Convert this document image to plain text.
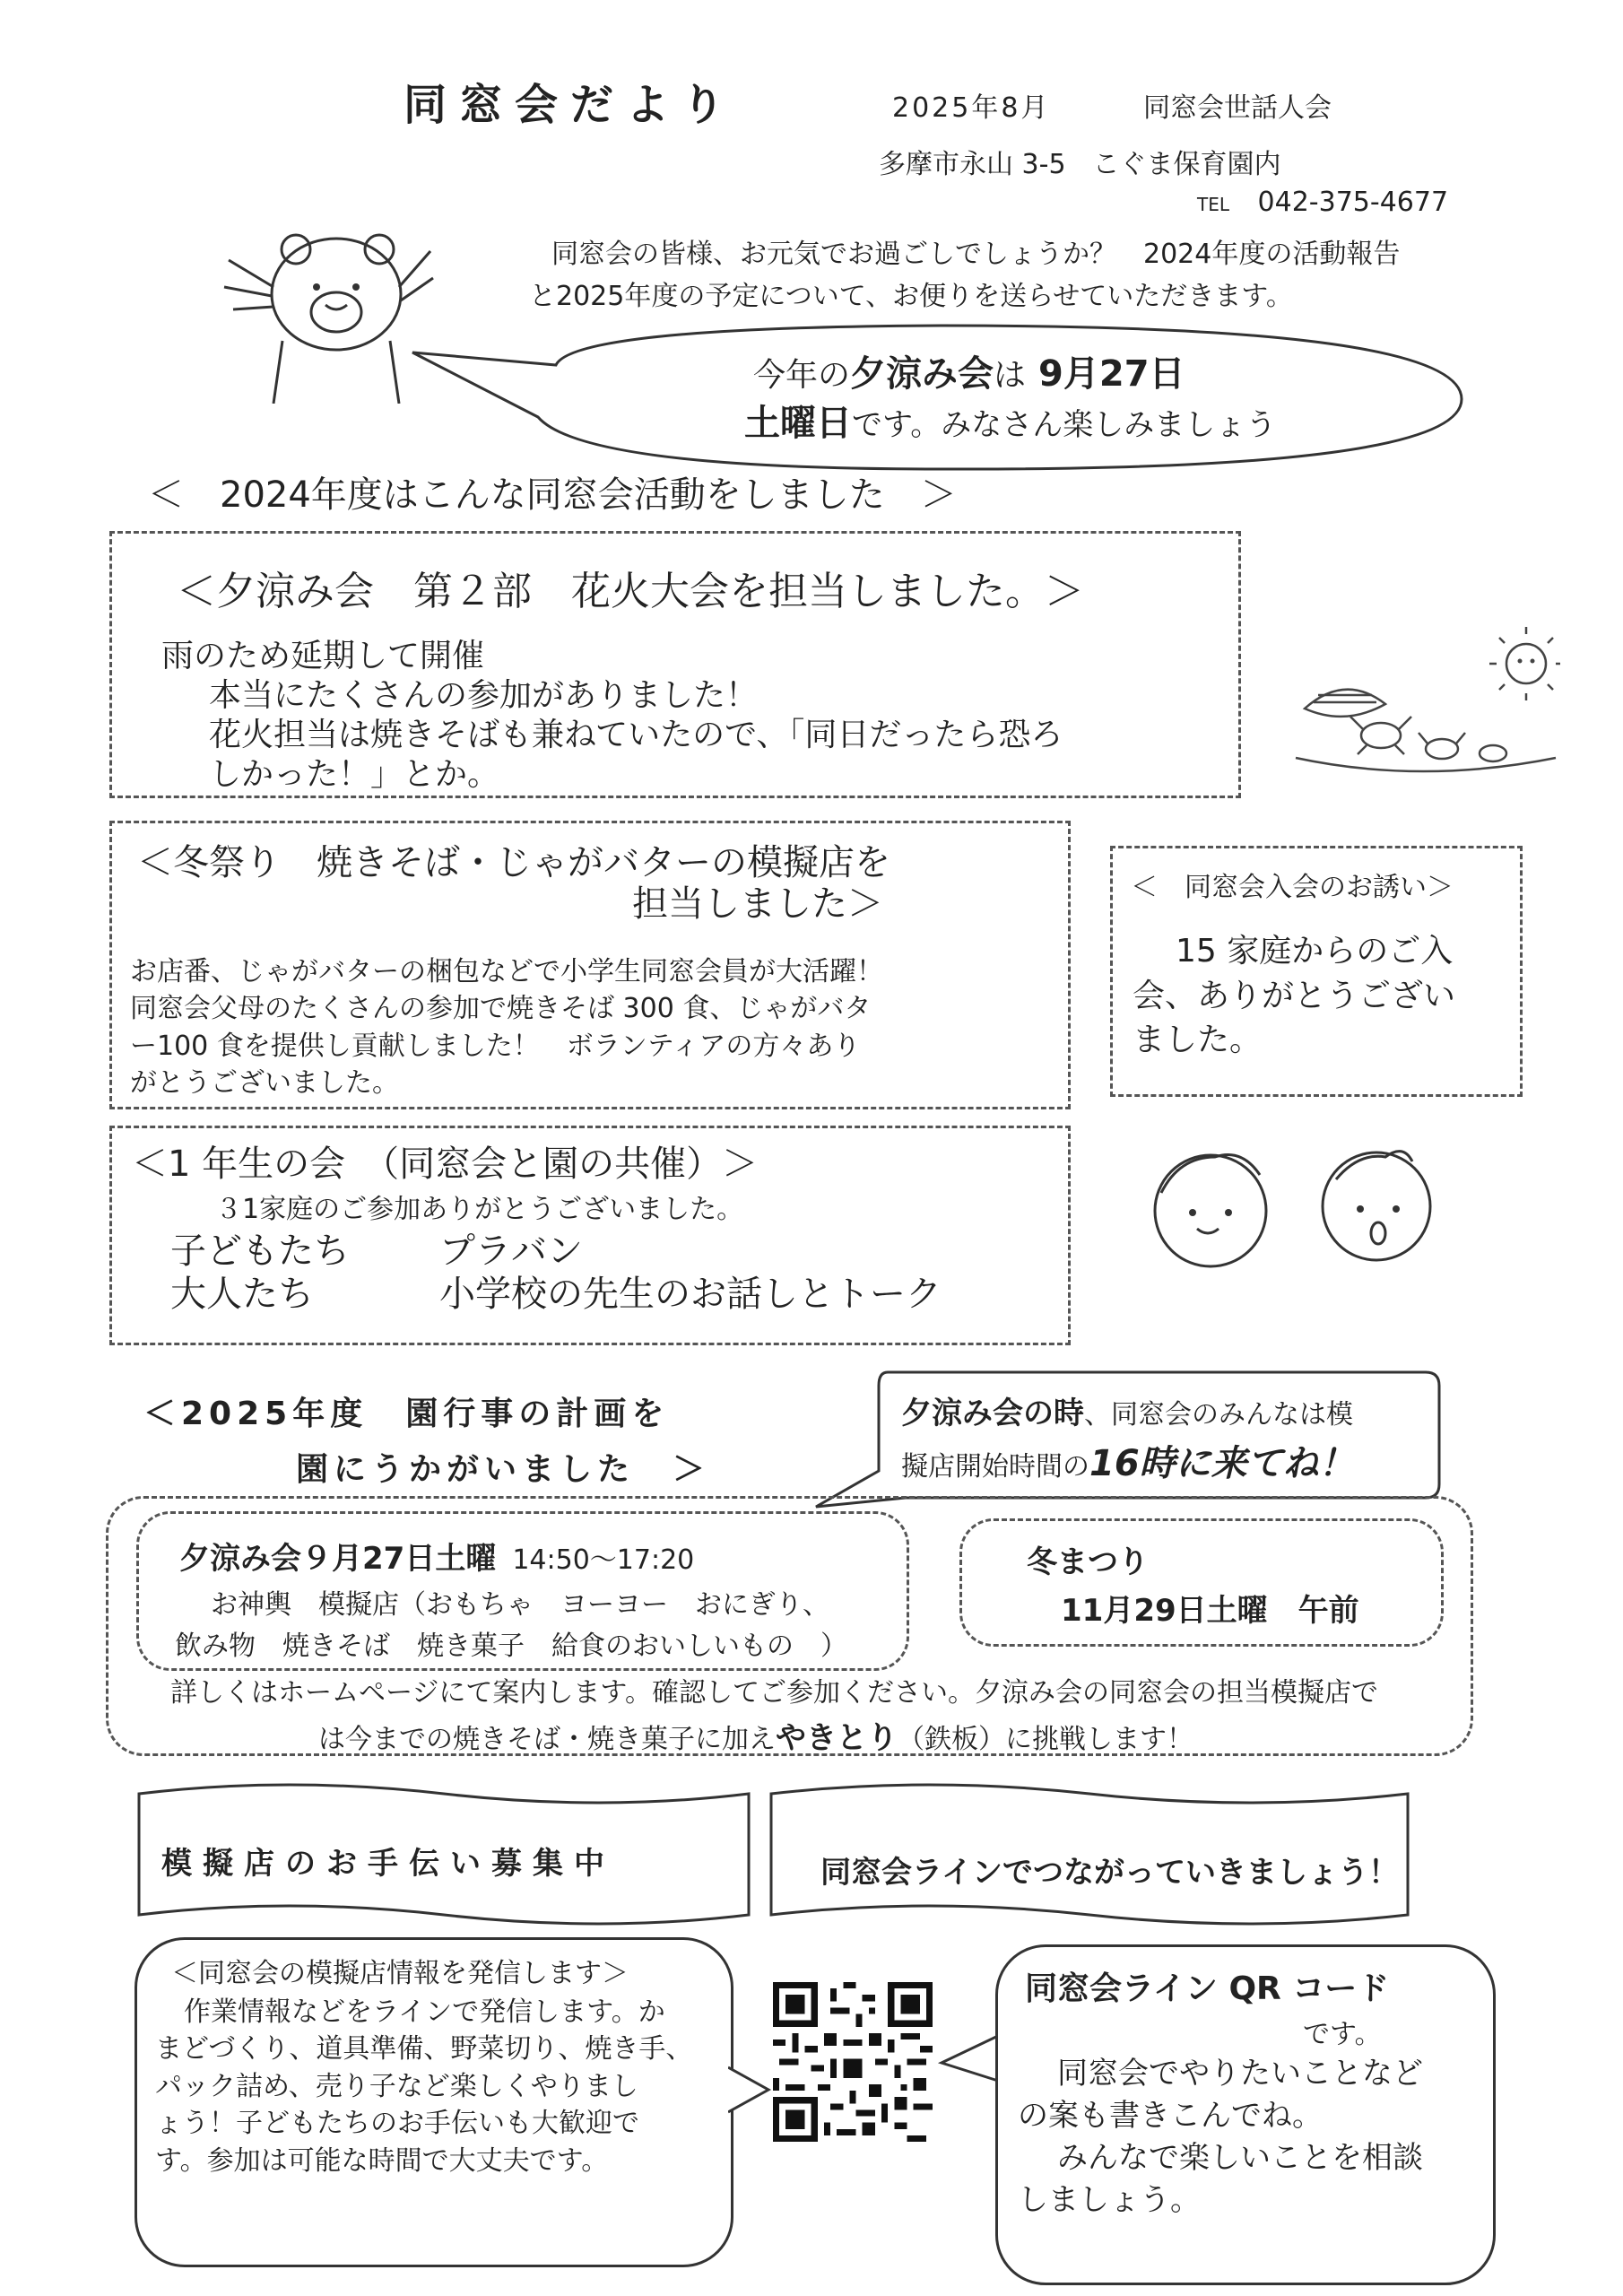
同窓会だより	2025年8月	同窓会世話人会
多摩市永山 3-5　こぐま保育園内
TEL 042-375-4677
同窓会の皆様、お元気でお過ごしでしょうか？　2024年度の活動報告
と2025年度の予定について、お便りを送らせていただきます。
今年の夕涼み会は 9月27日
土曜日です。みなさん楽しみましょう
＜　2024年度はこんな同窓会活動をしました　＞
＜夕涼み会　第２部　花火大会を担当しました。＞
雨のため延期して開催
本当にたくさんの参加がありました！
花火担当は焼きそばも兼ねていたので、「同日だったら恐ろ
しかった！」とか。
＜冬祭り　焼きそば・じゃがバターの模擬店を
担当しました＞
お店番、じゃがバターの梱包などで小学生同窓会員が大活躍！
同窓会父母のたくさんの参加で焼きそば 300 食、じゃがバタ
ー100 食を提供し貢献しました！　ボランティアの方々あり
がとうございました。
＜　同窓会入会のお誘い＞
15 家庭からのご入
会、ありがとうござい
ました。
＜1 年生の会　（同窓会と園の共催）＞
３1家庭のご参加ありがとうございました。
子どもたち	プラバン
大人たち	小学校の先生のお話しとトーク
＜2025年度　園行事の計画を
園にうかがいました　＞
夕涼み会の時、同窓会のみんなは模
擬店開始時間の16時に来てね！
夕涼み会９月27日土曜 14:50～17:20
お神輿　模擬店（おもちゃ　ヨーヨー　おにぎり、
飲み物　焼きそば　焼き菓子　給食のおいしいもの　）
冬まつり
11月29日土曜　午前
詳しくはホームページにて案内します。確認してご参加ください。夕涼み会の同窓会の担当模擬店で
は今までの焼きそば・焼き菓子に加えやきとり（鉄板）に挑戦します！
模擬店のお手伝い募集中	同窓会ラインでつながっていきましょう！
＜同窓会の模擬店情報を発信します＞
作業情報などをラインで発信します。か
まどづくり、道具準備、野菜切り、焼き手、
パック詰め、売り子など楽しくやりまし
ょう！子どもたちのお手伝いも大歓迎で
す。参加は可能な時間で大丈夫です。
同窓会ライン QR コード
です。
同窓会でやりたいことなど
の案も書きこんでね。
みんなで楽しいことを相談
しましょう。
